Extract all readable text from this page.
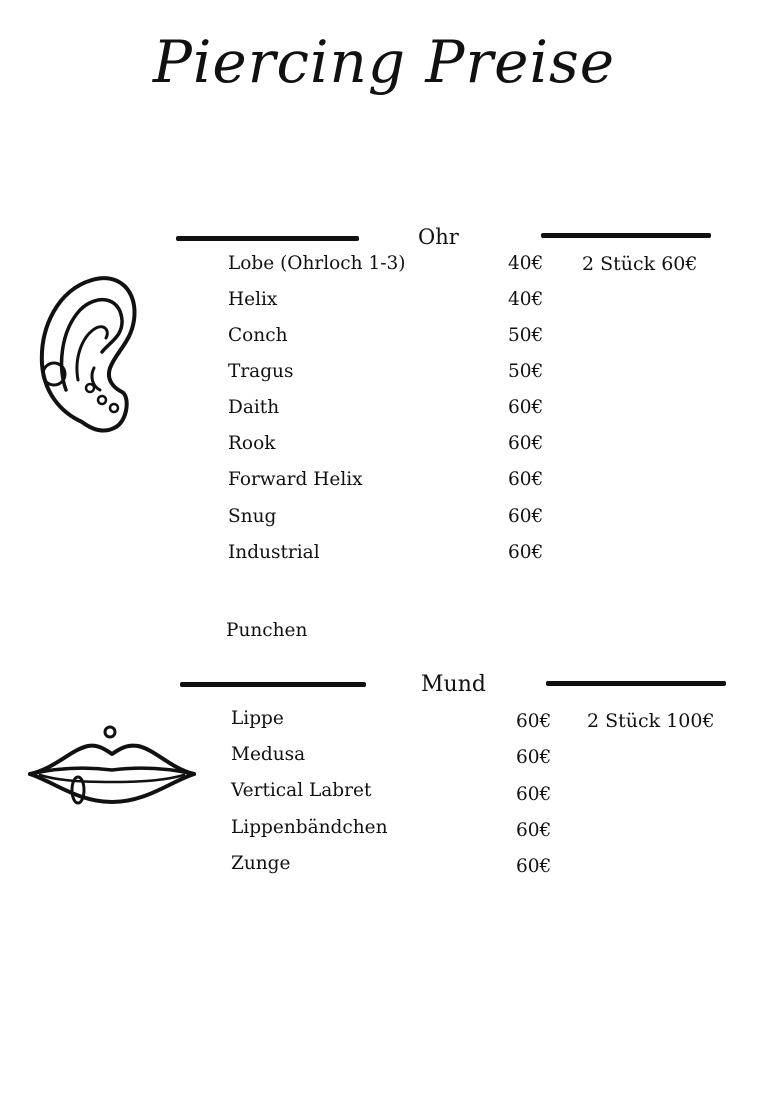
Piercing Preise
Ohr
2 Stück 60€
Lobe (Ohrloch 1-3)	40€
Helix	40€
Conch	50€
Tragus	50€
Daith	60€
Rook	60€
Forward Helix	60€
Snug	60€
Industrial	60€
Punchen
Mund
2 Stück 100€
Lippe	60€
Medusa	60€
Vertical Labret	60€
Lippenbändchen	60€
Zunge	60€
